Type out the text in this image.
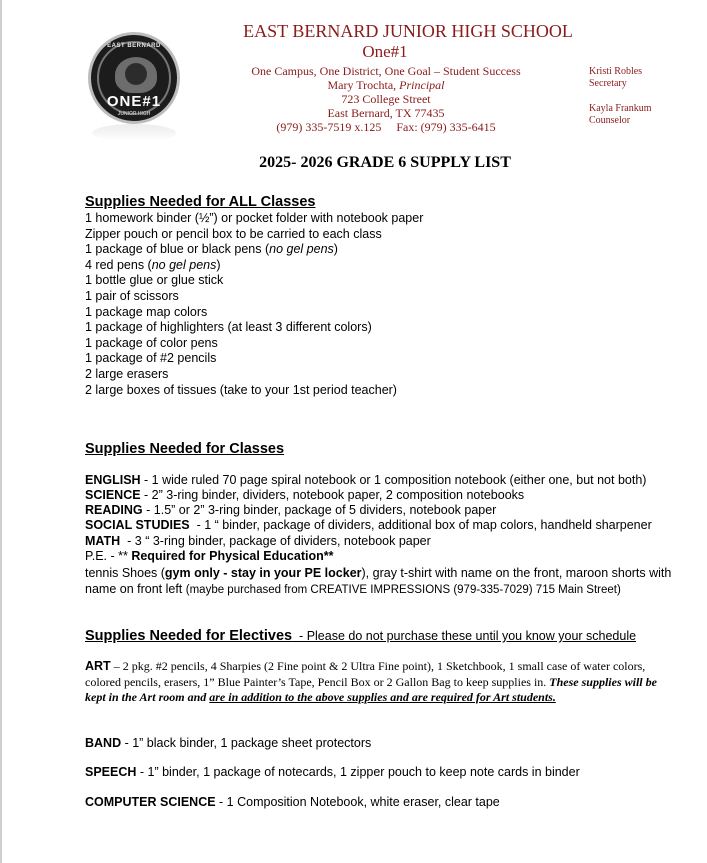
EAST BERNARD
ONE#1
JUNIOR HIGH
EAST BERNARD JUNIOR HIGH SCHOOL
One#1
One Campus, One District, One Goal – Student Success
Mary Trochta, Principal
723 College Street
East Bernard, TX 77435
(979) 335-7519 x.125     Fax: (979) 335-6415
Kristi Robles
Secretary
Kayla Frankum
Counselor
2025- 2026 GRADE 6 SUPPLY LIST
Supplies Needed for ALL Classes
1 homework binder (½”) or pocket folder with notebook paper
Zipper pouch or pencil box to be carried to each class
1 package of blue or black pens (no gel pens)
4 red pens (no gel pens)
1 bottle glue or glue stick
1 pair of scissors
1 package map colors
1 package of highlighters (at least 3 different colors)
1 package of color pens
1 package of #2 pencils
2 large erasers
2 large boxes of tissues (take to your 1st period teacher)
Supplies Needed for Classes
ENGLISH - 1 wide ruled 70 page spiral notebook or 1 composition notebook (either one, but not both)
SCIENCE - 2” 3-ring binder, dividers, notebook paper, 2 composition notebooks
READING - 1.5” or 2” 3-ring binder, package of 5 dividers, notebook paper
SOCIAL STUDIES  - 1 “ binder, package of dividers, additional box of map colors, handheld sharpener
MATH  - 3 “ 3-ring binder, package of dividers, notebook paper
P.E. - ** Required for Physical Education**
tennis Shoes (gym only - stay in your PE locker), gray t-shirt with name on the front, maroon shorts with
name on front left (maybe purchased from CREATIVE IMPRESSIONS (979-335-7029) 715 Main Street)
Supplies Needed for Electives  - Please do not purchase these until you know your schedule
ART – 2 pkg. #2 pencils, 4 Sharpies (2 Fine point & 2 Ultra Fine point), 1 Sketchbook, 1 small case of water colors, colored pencils, erasers, 1” Blue Painter’s Tape, Pencil Box or 2 Gallon Bag to keep supplies in. These supplies will be kept in the Art room and are in addition to the above supplies and are required for Art students.
BAND - 1” black binder, 1 package sheet protectors
SPEECH - 1” binder, 1 package of notecards, 1 zipper pouch to keep note cards in binder
COMPUTER SCIENCE - 1 Composition Notebook, white eraser, clear tape
